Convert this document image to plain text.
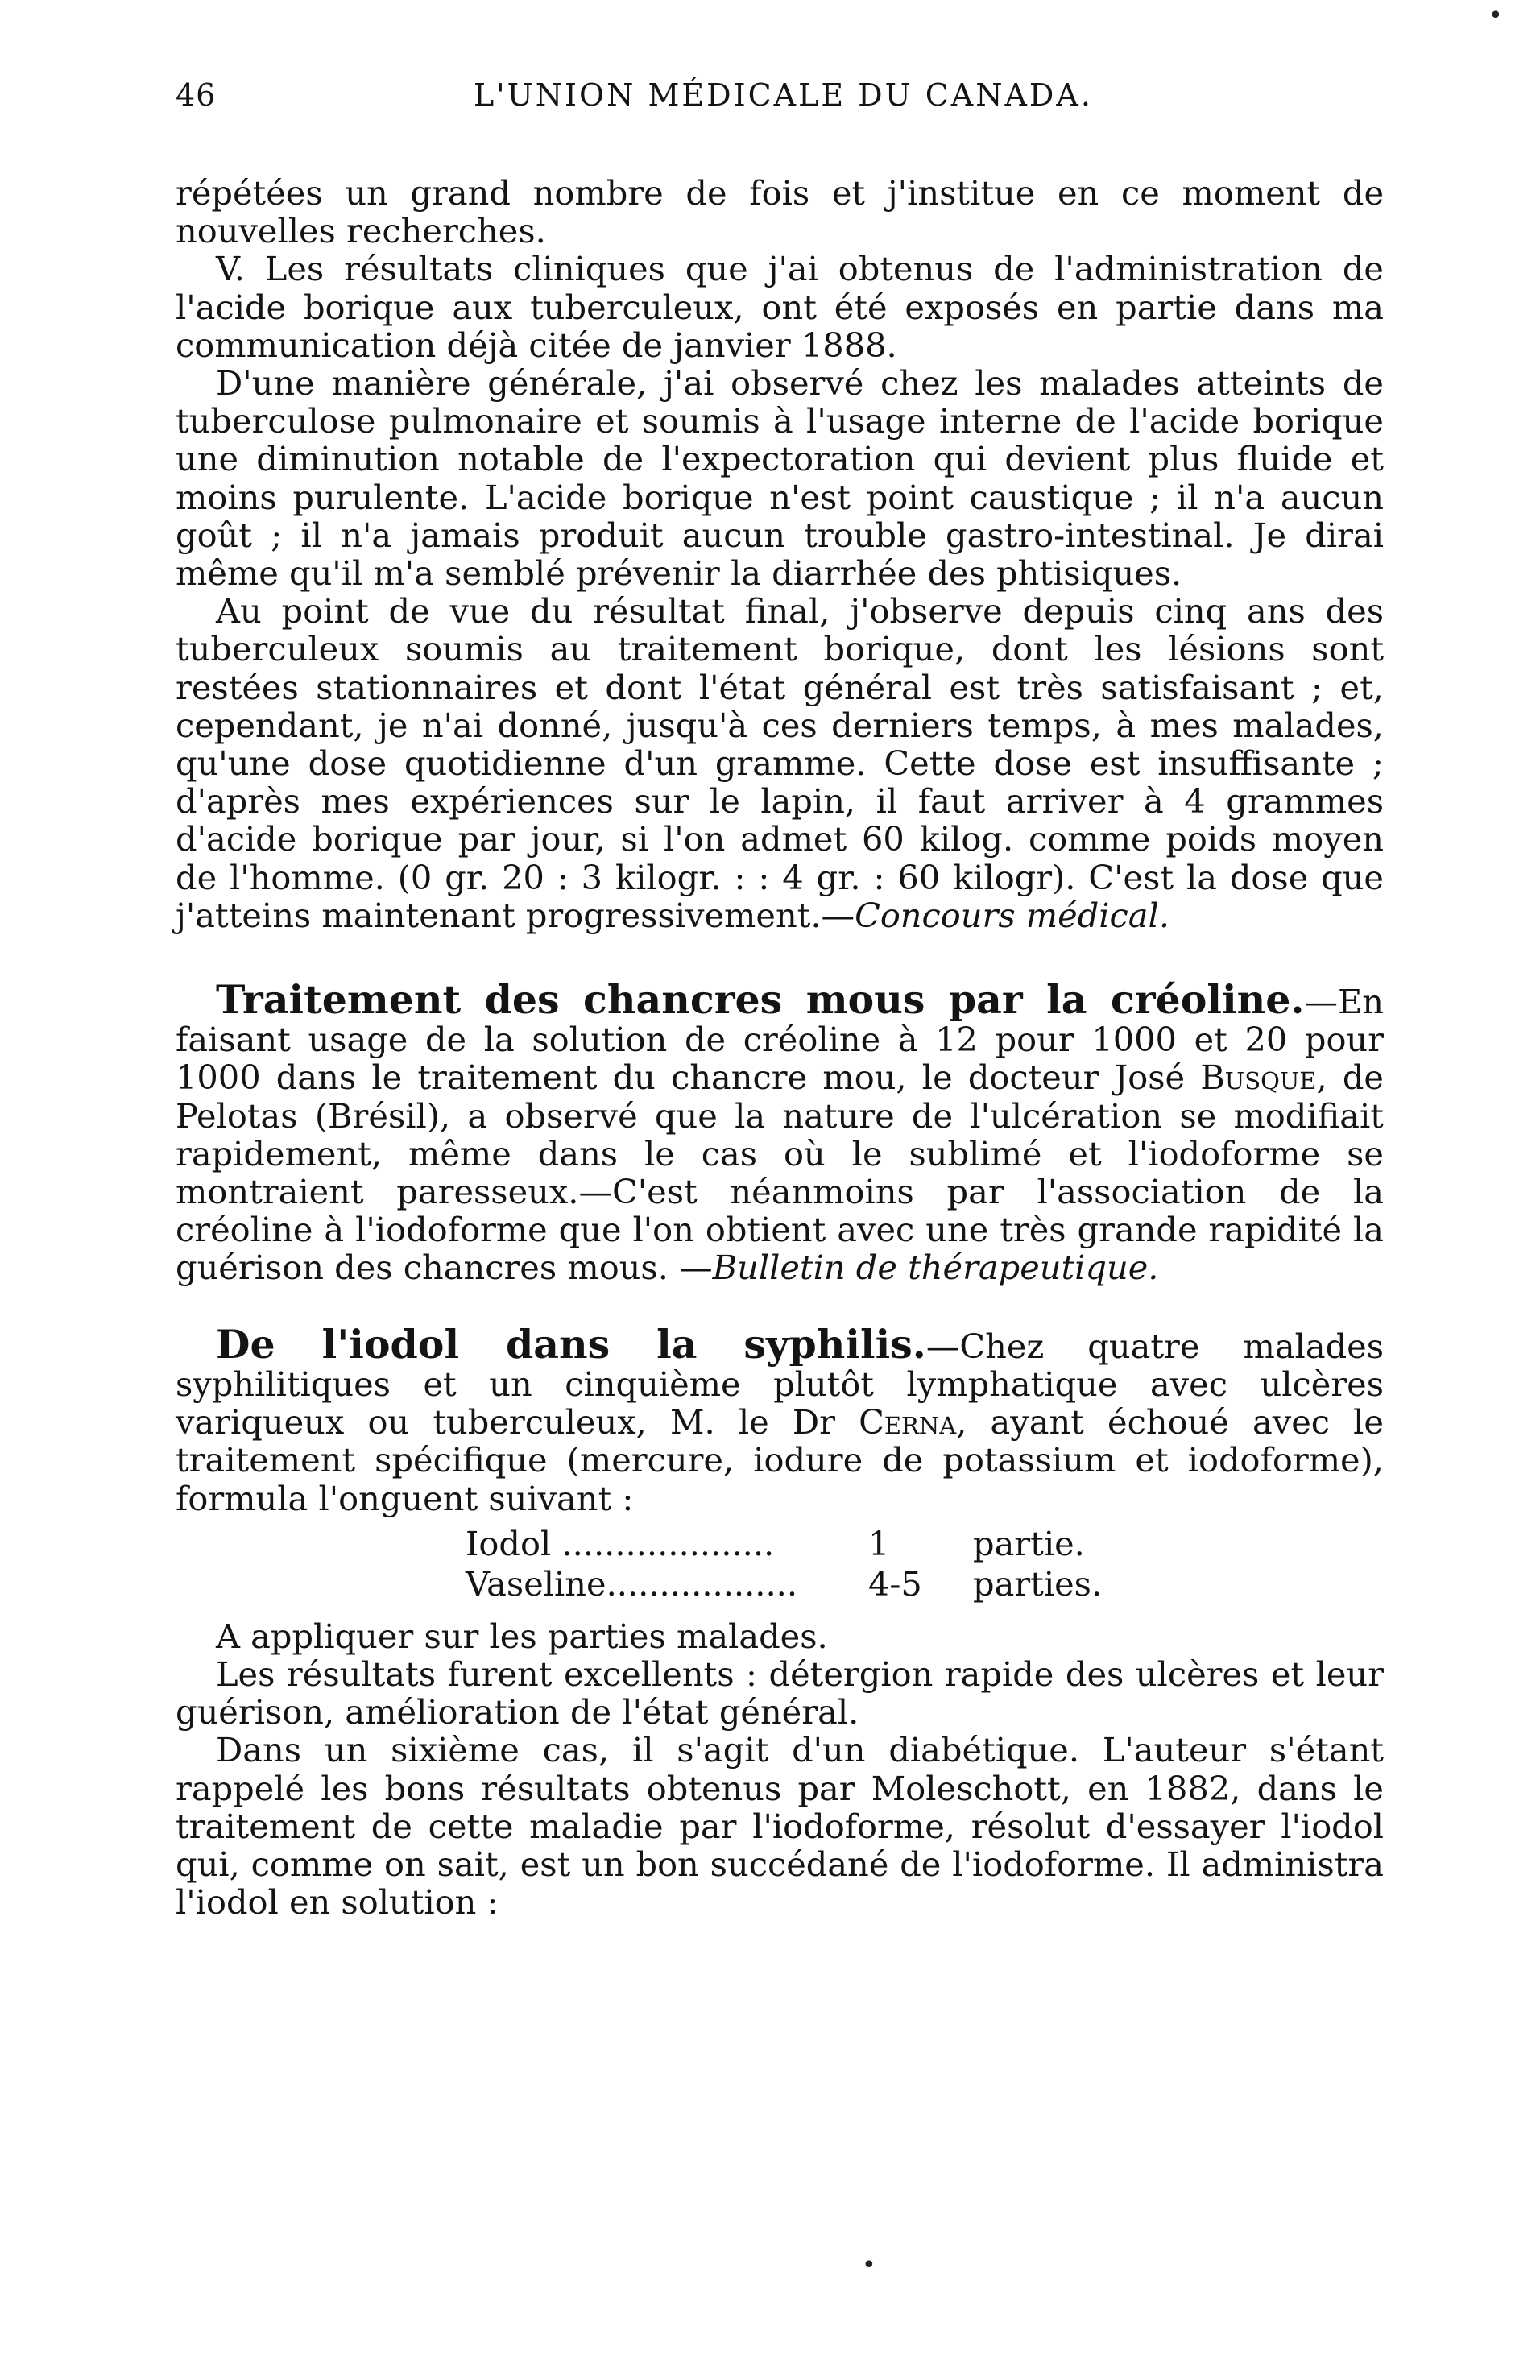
•
46	L'UNION MÉDICALE DU CANADA.

répétées un grand nombre de fois et j'institue en ce moment de nouvelles recherches.

V. Les résultats cliniques que j'ai obtenus de l'administration de l'acide borique aux tuberculeux, ont été exposés en partie dans ma communication déjà citée de janvier 1888.

D'une manière générale, j'ai observé chez les malades atteints de tuberculose pulmonaire et soumis à l'usage interne de l'acide borique une diminution notable de l'expectoration qui devient plus fluide et moins purulente. L'acide borique n'est point caustique ; il n'a aucun goût ; il n'a jamais produit aucun trouble gastro-intestinal. Je dirai même qu'il m'a semblé prévenir la diarrhée des phtisiques.

Au point de vue du résultat final, j'observe depuis cinq ans des tuberculeux soumis au traitement borique, dont les lésions sont restées stationnaires et dont l'état général est très satisfaisant ; et, cependant, je n'ai donné, jusqu'à ces derniers temps, à mes malades, qu'une dose quotidienne d'un gramme. Cette dose est insuffisante ; d'après mes expériences sur le lapin, il faut arriver à 4 grammes d'acide borique par jour, si l'on admet 60 kilog. comme poids moyen de l'homme. (0 gr. 20 : 3 kilogr. : : 4 gr. : 60 kilogr). C'est la dose que j'atteins maintenant progressivement.—Concours médical.

Traitement des chancres mous par la créoline.—En faisant usage de la solution de créoline à 12 pour 1000 et 20 pour 1000 dans le traitement du chancre mou, le docteur José Busque, de Pelotas (Brésil), a observé que la nature de l'ulcération se modifiait rapidement, même dans le cas où le sublimé et l'iodoforme se montraient paresseux.—C'est néanmoins par l'association de la créoline à l'iodoforme que l'on obtient avec une très grande rapidité la guérison des chancres mous. —Bulletin de thérapeutique.

De l'iodol dans la syphilis.—Chez quatre malades syphilitiques et un cinquième plutôt lymphatique avec ulcères variqueux ou tuberculeux, M. le Dr Cerna, ayant échoué avec le traitement spécifique (mercure, iodure de potassium et iodoforme), formula l'onguent suivant :

Iodol ....................	1 partie.
Vaseline.................. 4-5 parties.

A appliquer sur les parties malades.

Les résultats furent excellents : détergion rapide des ulcères et leur guérison, amélioration de l'état général.

Dans un sixième cas, il s'agit d'un diabétique. L'auteur s'étant rappelé les bons résultats obtenus par Moleschott, en 1882, dans le traitement de cette maladie par l'iodoforme, résolut d'essayer l'iodol qui, comme on sait, est un bon succédané de l'iodoforme. Il administra l'iodol en solution :

•
